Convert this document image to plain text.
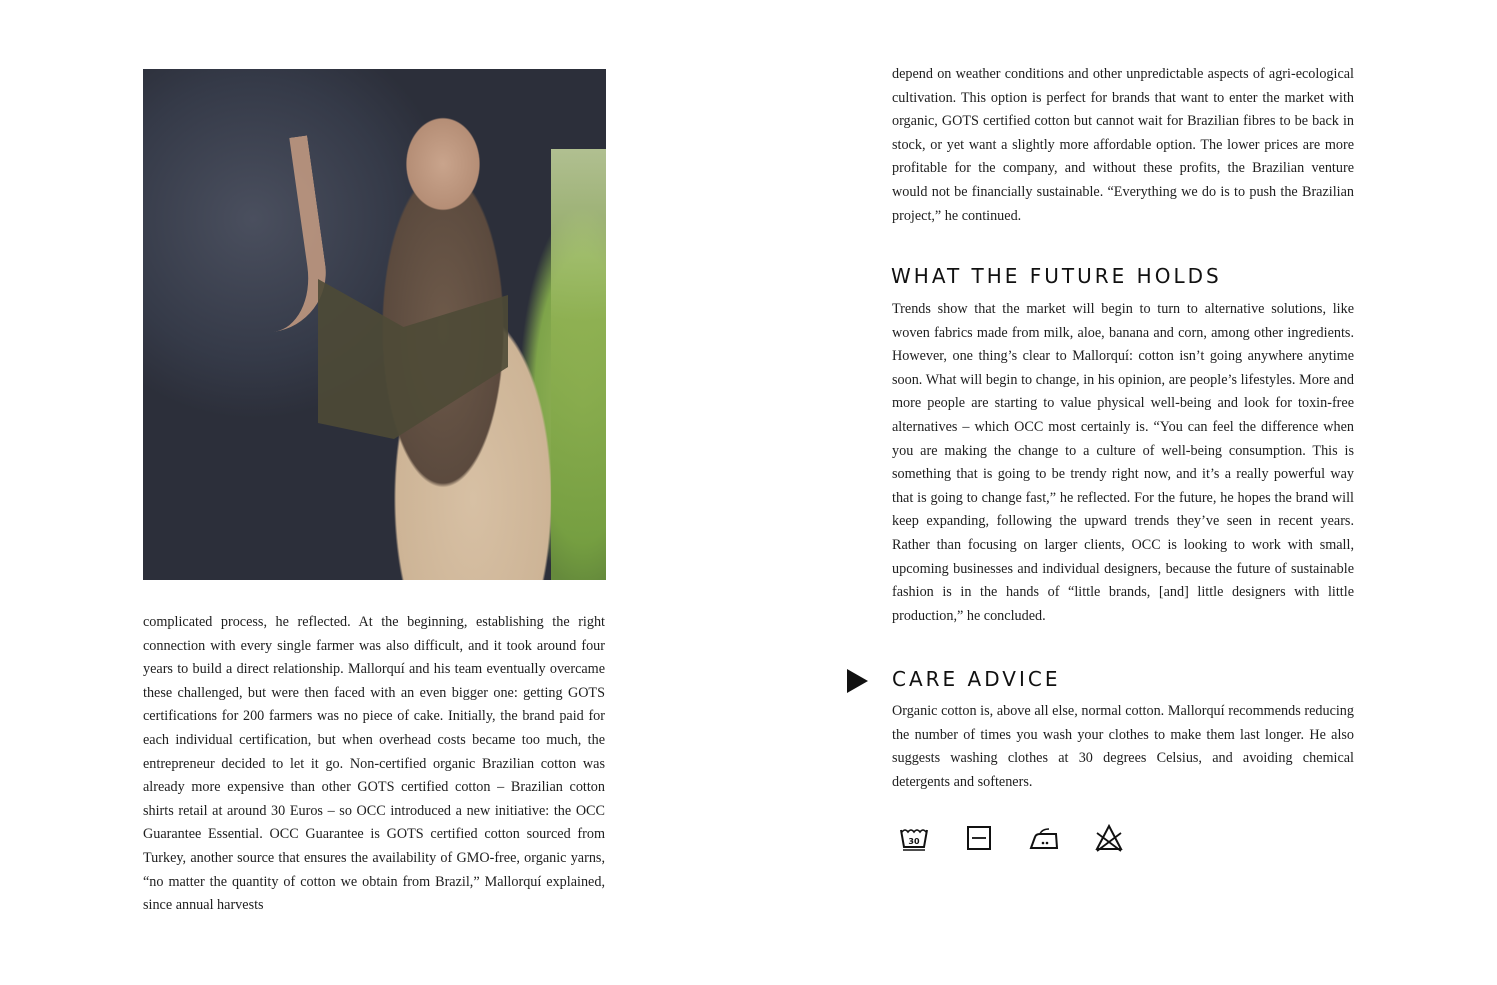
complicated process, he reflected. At the beginning, establishing the right connection with every single farmer was also difficult, and it took around four years to build a direct relationship. Mallorquí and his team eventually overcame these challenged, but were then faced with an even bigger one: getting GOTS certifications for 200 farmers was no piece of cake. Initially, the brand paid for each individual certification, but when overhead costs became too much, the entrepreneur decided to let it go. Non-certified organic Brazilian cotton was already more expensive than other GOTS certified cotton – Brazilian cotton shirts retail at around 30 Euros – so OCC introduced a new initiative: the OCC Guarantee Essential. OCC Guarantee is GOTS certified cotton sourced from Turkey, another source that ensures the availability of GMO-free, organic yarns, “no matter the quantity of cotton we obtain from Brazil,” Mallorquí explained, since annual harvests

depend on weather conditions and other unpredictable aspects of agri-ecological cultivation. This option is perfect for brands that want to enter the market with organic, GOTS certified cotton but cannot wait for Brazilian fibres to be back in stock, or yet want a slightly more affordable option. The lower prices are more profitable for the company, and without these profits, the Brazilian venture would not be financially sustainable. “Everything we do is to push the Brazilian project,” he continued.

WHAT THE FUTURE HOLDS

Trends show that the market will begin to turn to alternative solutions, like woven fabrics made from milk, aloe, banana and corn, among other ingredients. However, one thing’s clear to Mallorquí: cotton isn’t going anywhere anytime soon. What will begin to change, in his opinion, are people’s lifestyles. More and more people are starting to value physical well-being and look for toxin-free alternatives – which OCC most certainly is. “You can feel the difference when you are making the change to a culture of well-being consumption. This is something that is going to be trendy right now, and it’s a really powerful way that is going to change fast,” he reflected. For the future, he hopes the brand will keep expanding, following the upward trends they’ve seen in recent years. Rather than focusing on larger clients, OCC is looking to work with small, upcoming businesses and individual designers, because the future of sustainable fashion is in the hands of “little brands, [and] little designers with little production,” he concluded.

CARE ADVICE

Organic cotton is, above all else, normal cotton. Mallorquí recommends reducing the number of times you wash your clothes to make them last longer. He also suggests washing clothes at 30 degrees Celsius, and avoiding chemical detergents and softeners.

30
